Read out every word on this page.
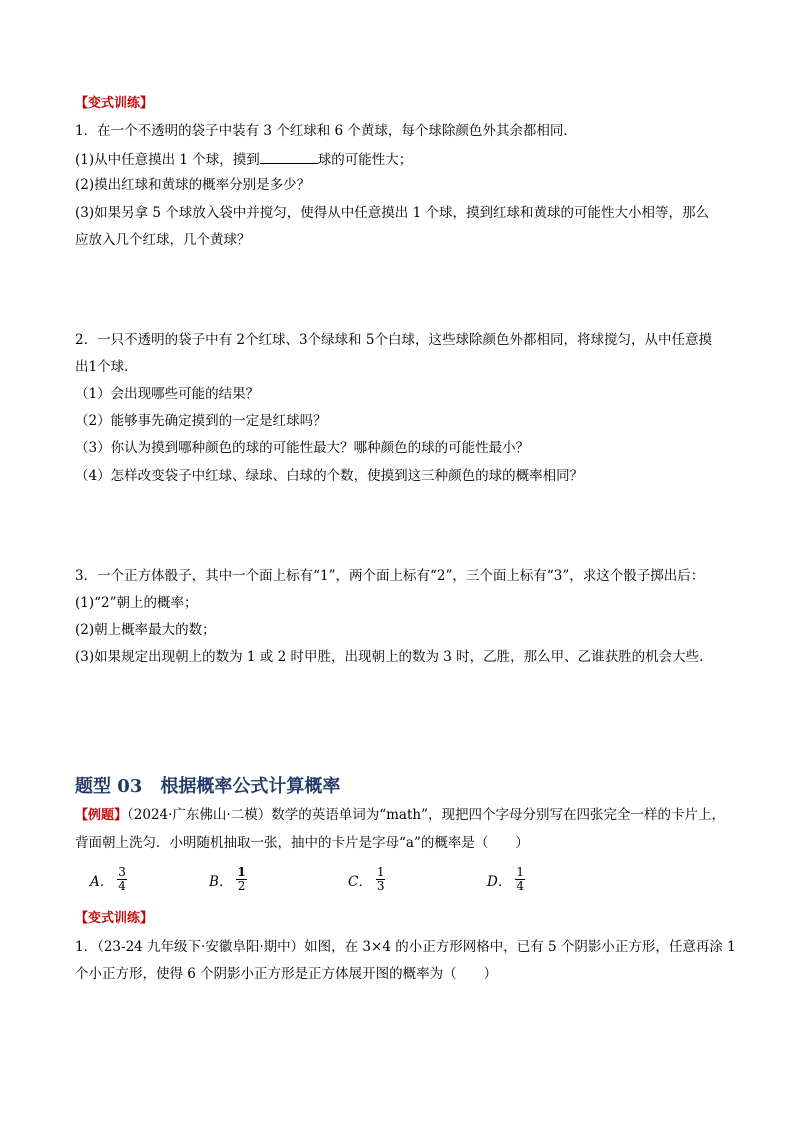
【变式训练】
1．在一个不透明的袋子中装有 3 个红球和 6 个黄球，每个球除颜色外其余都相同．
(1)从中任意摸出 1 个球，摸到	球的可能性大；
(2)摸出红球和黄球的概率分别是多少？
(3)如果另拿 5 个球放入袋中并搅匀，使得从中任意摸出 1 个球，摸到红球和黄球的可能性大小相等，那么
应放入几个红球，几个黄球？
2．一只不透明的袋子中有 2个红球、3个绿球和 5个白球，这些球除颜色外都相同，将球搅匀，从中任意摸
出1个球．
（1）会出现哪些可能的结果？
（2）能够事先确定摸到的一定是红球吗？
（3）你认为摸到哪种颜色的球的可能性最大？哪种颜色的球的可能性最小？
（4）怎样改变袋子中红球、绿球、白球的个数，使摸到这三种颜色的球的概率相同？
3．一个正方体骰子，其中一个面上标有“1”，两个面上标有“2”，三个面上标有“3”，求这个骰子掷出后：
(1)“2”朝上的概率；
(2)朝上概率最大的数；
(3)如果规定出现朝上的数为 1 或 2 时甲胜，出现朝上的数为 3 时，乙胜，那么甲、乙谁获胜的机会大些．
题型 03　根据概率公式计算概率
【例题】（2024·广东佛山·二模）数学的英语单词为“math”，现把四个字母分别写在四张完全一样的卡片上，
背面朝上洗匀．小明随机抽取一张，抽中的卡片是字母“a”的概率是（　　）
A． $\frac{3}{4}$	B． $\frac{1}{2}$	C． $\frac{1}{3}$	D． $\frac{1}{4}$
【变式训练】
1．（23-24 九年级下·安徽阜阳·期中）如图，在 3×4 的小正方形网格中，已有 5 个阴影小正方形，任意再涂 1
个小正方形，使得 6 个阴影小正方形是正方体展开图的概率为（　　）
